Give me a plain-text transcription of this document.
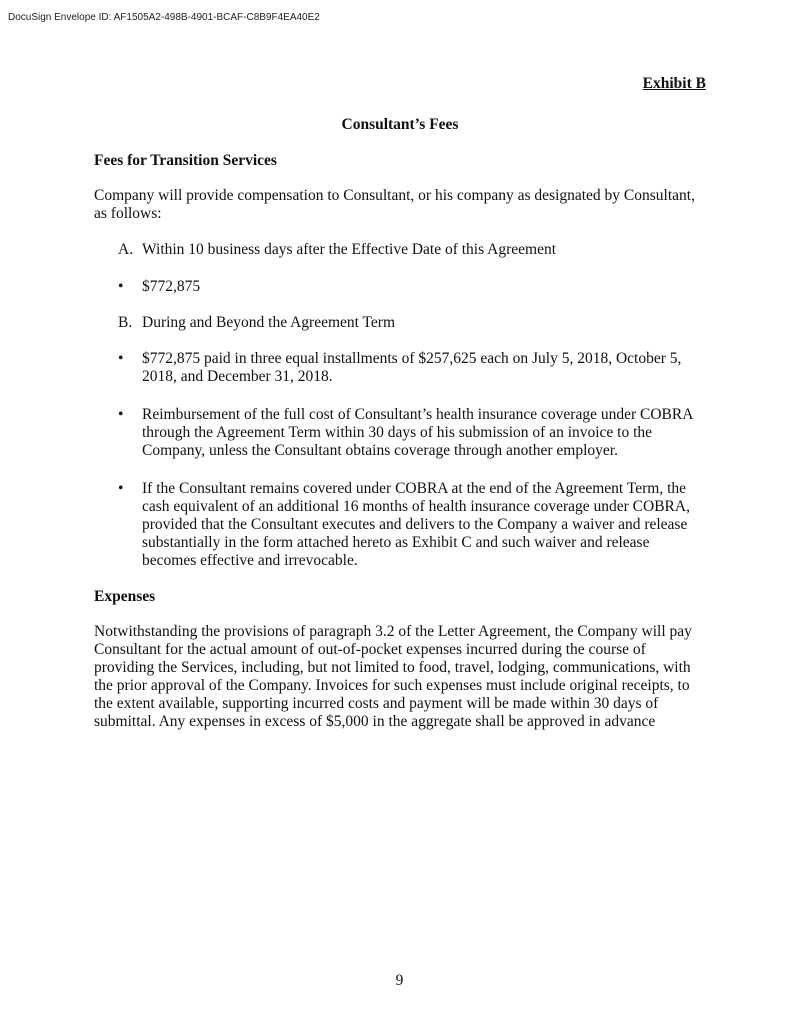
DocuSign Envelope ID: AF1505A2-498B-4901-BCAF-C8B9F4EA40E2
Exhibit B
Consultant’s Fees
Fees for Transition Services
Company will provide compensation to Consultant, or his company as designated by Consultant, as follows:
A. Within 10 business days after the Effective Date of this Agreement
•	$772,875
B. During and Beyond the Agreement Term
•	$772,875 paid in three equal installments of $257,625 each on July 5, 2018, October 5, 2018, and December 31, 2018.
•	Reimbursement of the full cost of Consultant’s health insurance coverage under COBRA through the Agreement Term within 30 days of his submission of an invoice to the Company, unless the Consultant obtains coverage through another employer.
•	If the Consultant remains covered under COBRA at the end of the Agreement Term, the cash equivalent of an additional 16 months of health insurance coverage under COBRA, provided that the Consultant executes and delivers to the Company a waiver and release substantially in the form attached hereto as Exhibit C and such waiver and release becomes effective and irrevocable.
Expenses
Notwithstanding the provisions of paragraph 3.2 of the Letter Agreement, the Company will pay Consultant for the actual amount of out-of-pocket expenses incurred during the course of providing the Services, including, but not limited to food, travel, lodging, communications, with the prior approval of the Company. Invoices for such expenses must include original receipts, to the extent available, supporting incurred costs and payment will be made within 30 days of submittal. Any expenses in excess of $5,000 in the aggregate shall be approved in advance
9
